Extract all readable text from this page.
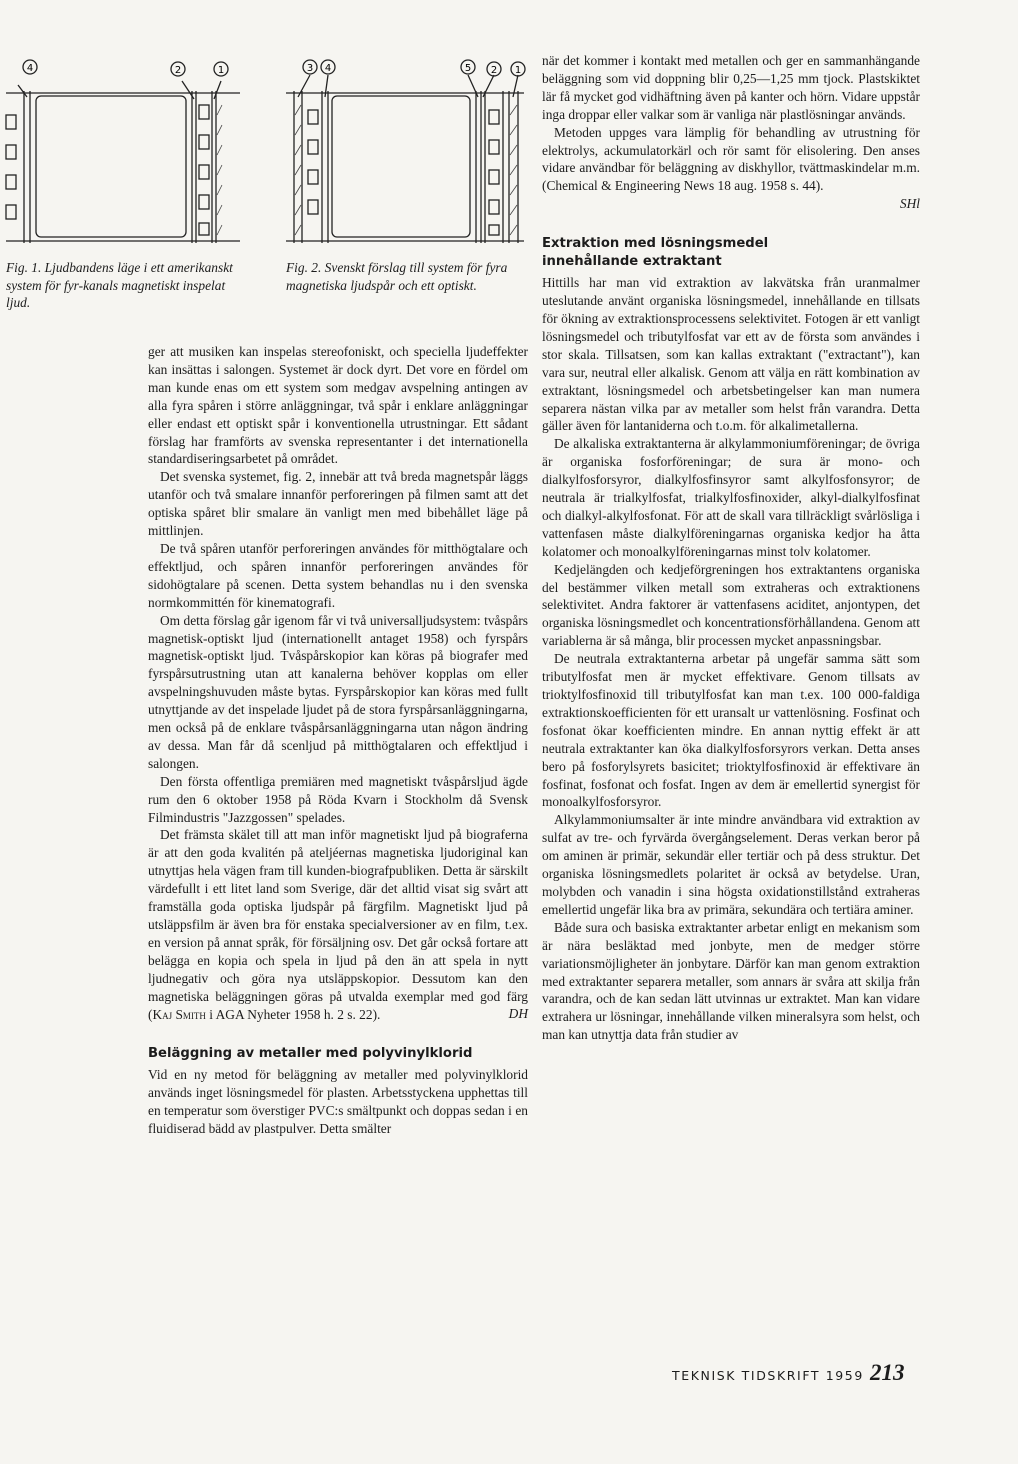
4	2	1	3 4	5 2 1

Fig. 1. Ljudbandens läge i ett amerikanskt system för fyr-kanals magnetiskt inspelat ljud.

Fig. 2. Svenskt förslag till system för fyra magnetiska ljudspår och ett optiskt.

ger att musiken kan inspelas stereofoniskt, och speciella ljudeffekter kan insättas i salongen. Systemet är dock dyrt. Det vore en fördel om man kunde enas om ett system som medgav avspelning antingen av alla fyra spåren i större anläggningar, två spår i enklare anläggningar eller endast ett optiskt spår i konventionella utrustningar. Ett sådant förslag har framförts av svenska representanter i det internationella standardiseringsarbetet på området.

Det svenska systemet, fig. 2, innebär att två breda magnetspår läggs utanför och två smalare innanför perforeringen på filmen samt att det optiska spåret blir smalare än vanligt men med bibehållet läge på mittlinjen.

De två spåren utanför perforeringen användes för mitthögtalare och effektljud, och spåren innanför perforeringen användes för sidohögtalare på scenen. Detta system behandlas nu i den svenska normkommittén för kinematografi.

Om detta förslag går igenom får vi två universalljudsystem: tvåspårs magnetisk-optiskt ljud (internationellt antaget 1958) och fyrspårs magnetisk-optiskt ljud. Tvåspårskopior kan köras på biografer med fyrspårsutrustning utan att kanalerna behöver kopplas om eller avspelningshuvuden måste bytas. Fyrspårskopior kan köras med fullt utnyttjande av det inspelade ljudet på de stora fyrspårsanläggningarna, men också på de enklare tvåspårsanläggningarna utan någon ändring av dessa. Man får då scenljud på mitthögtalaren och effektljud i salongen.

Den första offentliga premiären med magnetiskt tvåspårsljud ägde rum den 6 oktober 1958 på Röda Kvarn i Stockholm då Svensk Filmindustris "Jazzgossen" spelades.

Det främsta skälet till att man inför magnetiskt ljud på biograferna är att den goda kvalitén på ateljéernas magnetiska ljudoriginal kan utnyttjas hela vägen fram till kunden-biografpubliken. Detta är särskilt värdefullt i ett litet land som Sverige, där det alltid visat sig svårt att framställa goda optiska ljudspår på färgfilm. Magnetiskt ljud på utsläppsfilm är även bra för enstaka specialversioner av en film, t.ex. en version på annat språk, för försäljning osv. Det går också fortare att belägga en kopia och spela in ljud på den än att spela in nytt ljudnegativ och göra nya utsläppskopior. Dessutom kan den magnetiska beläggningen göras på utvalda exemplar med god färg (Kaj Smith i AGA Nyheter 1958 h. 2 s. 22).	DH

Beläggning av metaller med polyvinylklorid

Vid en ny metod för beläggning av metaller med polyvinylklorid används inget lösningsmedel för plasten. Arbetsstyckena upphettas till en temperatur som överstiger PVC:s smältpunkt och doppas sedan i en fluidiserad bädd av plastpulver. Detta smälter

när det kommer i kontakt med metallen och ger en sammanhängande beläggning som vid doppning blir 0,25—1,25 mm tjock. Plastskiktet lär få mycket god vidhäftning även på kanter och hörn. Vidare uppstår inga droppar eller valkar som är vanliga när plastlösningar används.

Metoden uppges vara lämplig för behandling av utrustning för elektrolys, ackumulatorkärl och rör samt för elisolering. Den anses vidare användbar för beläggning av diskhyllor, tvättmaskindelar m.m. (Chemical & Engineering News 18 aug. 1958 s. 44).

SHl

Extraktion med lösningsmedel innehållande extraktant

Hittills har man vid extraktion av lakvätska från uranmalmer uteslutande använt organiska lösningsmedel, innehållande en tillsats för ökning av extraktionsprocessens selektivitet. Fotogen är ett vanligt lösningsmedel och tributylfosfat var ett av de första som användes i stor skala. Tillsatsen, som kan kallas extraktant ("extractant"), kan vara sur, neutral eller alkalisk. Genom att välja en rätt kombination av extraktant, lösningsmedel och arbetsbetingelser kan man numera separera nästan vilka par av metaller som helst från varandra. Detta gäller även för lantaniderna och t.o.m. för alkalimetallerna.

De alkaliska extraktanterna är alkylammoniumföreningar; de övriga är organiska fosforföreningar; de sura är mono- och dialkylfosforsyror, dialkylfosfinsyror samt alkylfosfonsyror; de neutrala är trialkylfosfat, trialkylfosfinoxider, alkyl-dialkylfosfinat och dialkyl-alkylfosfonat. För att de skall vara tillräckligt svårlösliga i vattenfasen måste dialkylföreningarnas organiska kedjor ha åtta kolatomer och monoalkylföreningarnas minst tolv kolatomer.

Kedjelängden och kedjeförgreningen hos extraktantens organiska del bestämmer vilken metall som extraheras och extraktionens selektivitet. Andra faktorer är vattenfasens aciditet, anjontypen, det organiska lösningsmedlet och koncentrationsförhållandena. Genom att variablerna är så många, blir processen mycket anpassningsbar.

De neutrala extraktanterna arbetar på ungefär samma sätt som tributylfosfat men är mycket effektivare. Genom tillsats av trioktylfosfinoxid till tributylfosfat kan man t.ex. 100 000-faldiga extraktionskoefficienten för ett uransalt ur vattenlösning. Fosfinat och fosfonat ökar koefficienten mindre. En annan nyttig effekt är att neutrala extraktanter kan öka dialkylfosforsyrors verkan. Detta anses bero på fosforylsyrets basicitet; trioktylfosfinoxid är effektivare än fosfinat, fosfonat och fosfat. Ingen av dem är emellertid synergist för monoalkylfosforsyror.

Alkylammoniumsalter är inte mindre användbara vid extraktion av sulfat av tre- och fyrvärda övergångselement. Deras verkan beror på om aminen är primär, sekundär eller tertiär och på dess struktur. Det organiska lösningsmedlets polaritet är också av betydelse. Uran, molybden och vanadin i sina högsta oxidationstillstånd extraheras emellertid ungefär lika bra av primära, sekundära och tertiära aminer.

Både sura och basiska extraktanter arbetar enligt en mekanism som är nära besläktad med jonbyte, men de medger större variationsmöjligheter än jonbytare. Därför kan man genom extraktion med extraktanter separera metaller, som annars är svåra att skilja från varandra, och de kan sedan lätt utvinnas ur extraktet. Man kan vidare extrahera ur lösningar, innehållande vilken mineralsyra som helst, och man kan utnyttja data från studier av

TEKNISK TIDSKRIFT 1959 213
